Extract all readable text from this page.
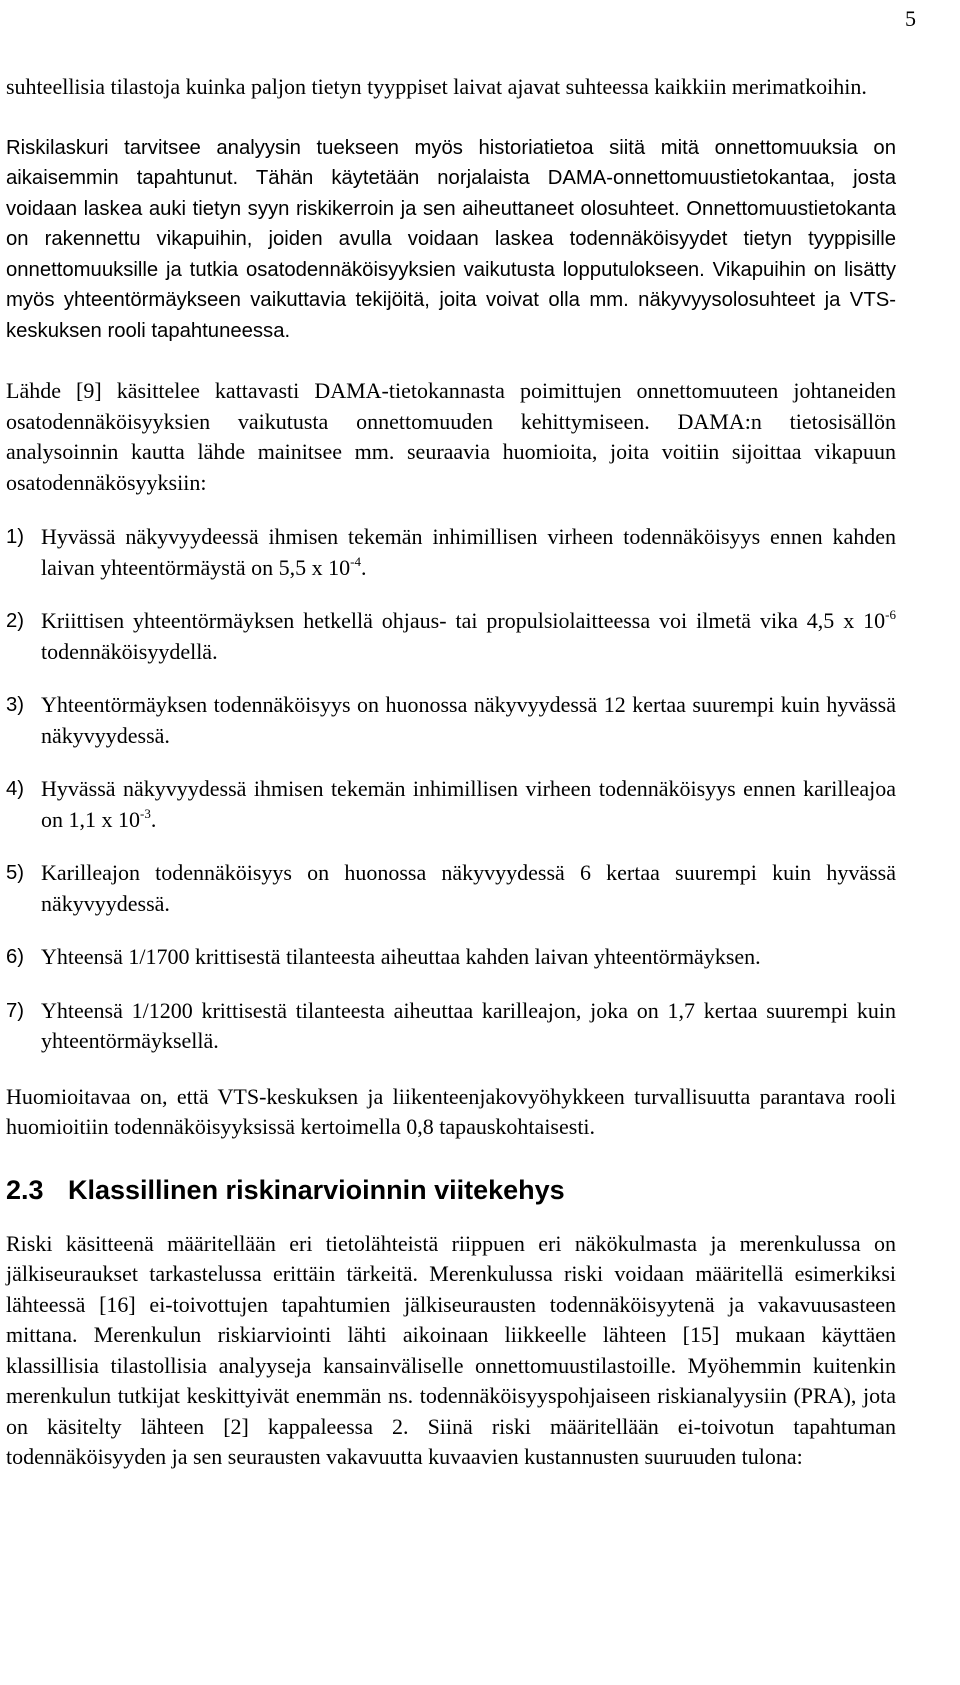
5

suhteellisia tilastoja kuinka paljon tietyn tyyppiset laivat ajavat suhteessa kaikkiin merimatkoihin.

Riskilaskuri tarvitsee analyysin tuekseen myös historiatietoa siitä mitä onnettomuuksia on aikaisemmin tapahtunut. Tähän käytetään norjalaista DAMA-onnettomuustietokantaa, josta voidaan laskea auki tietyn syyn riskikerroin ja sen aiheuttaneet olosuhteet. Onnettomuustietokanta on rakennettu vikapuihin, joiden avulla voidaan laskea todennäköisyydet tietyn tyyppisille onnettomuuksille ja tutkia osatodennäköisyyksien vaikutusta lopputulokseen. Vikapuihin on lisätty myös yhteentörmäykseen vaikuttavia tekijöitä, joita voivat olla mm. näkyvyysolosuhteet ja VTS-keskuksen rooli tapahtuneessa.

Lähde [9] käsittelee kattavasti DAMA-tietokannasta poimittujen onnettomuuteen johtaneiden osatodennäköisyyksien vaikutusta onnettomuuden kehittymiseen. DAMA:n tietosisällön analysoinnin kautta lähde mainitsee mm. seuraavia huomioita, joita voitiin sijoittaa vikapuun osatodennäkösyyksiin:

1) Hyvässä näkyvyydeessä ihmisen tekemän inhimillisen virheen todennäköisyys ennen kahden laivan yhteentörmäystä on 5,5 x $10^{-4}$.
2) Kriittisen yhteentörmäyksen hetkellä ohjaus- tai propulsiolaitteessa voi ilmetä vika 4,5 x $10^{-6}$ todennäköisyydellä.
3) Yhteentörmäyksen todennäköisyys on huonossa näkyvyydessä 12 kertaa suurempi kuin hyvässä näkyvyydessä.
4) Hyvässä näkyvyydessä ihmisen tekemän inhimillisen virheen todennäköisyys ennen karilleajoa on 1,1 x $10^{-3}$.
5) Karilleajon todennäköisyys on huonossa näkyvyydessä 6 kertaa suurempi kuin hyvässä näkyvyydessä.
6) Yhteensä 1/1700 krittisestä tilanteesta aiheuttaa kahden laivan yhteentörmäyksen.
7) Yhteensä 1/1200 krittisestä tilanteesta aiheuttaa karilleajon, joka on 1,7 kertaa suurempi kuin yhteentörmäyksellä.

Huomioitavaa on, että VTS-keskuksen ja liikenteenjakovyöhykkeen turvallisuutta parantava rooli huomioitiin todennäköisyyksissä kertoimella 0,8 tapauskohtaisesti.

2.3 Klassillinen riskinarvioinnin viitekehys

Riski käsitteenä määritellään eri tietolähteistä riippuen eri näkökulmasta ja merenkulussa on jälkiseuraukset tarkastelussa erittäin tärkeitä. Merenkulussa riski voidaan määritellä esimerkiksi lähteessä [16] ei-toivottujen tapahtumien jälkiseurausten todennäköisyytenä ja vakavuusasteen mittana. Merenkulun riskiarviointi lähti aikoinaan liikkeelle lähteen [15] mukaan käyttäen klassillisia tilastollisia analyyseja kansainväliselle onnettomuustilastoille. Myöhemmin kuitenkin merenkulun tutkijat keskittyivät enemmän ns. todennäköisyyspohjaiseen riskianalyysiin (PRA), jota on käsitelty lähteen [2] kappaleessa 2. Siinä riski määritellään ei-toivotun tapahtuman todennäköisyyden ja sen seurausten vakavuutta kuvaavien kustannusten suuruuden tulona:
